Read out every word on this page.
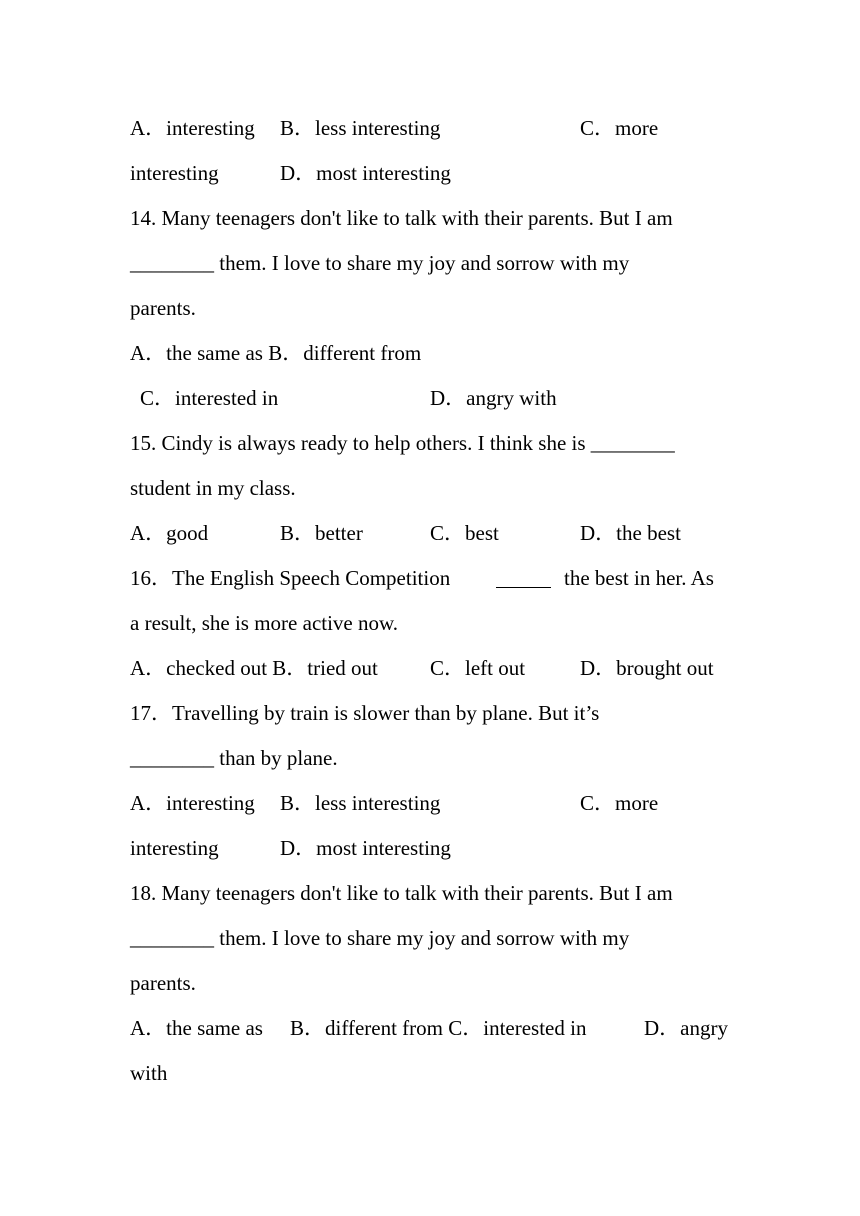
A．interesting B．less interesting	C．more
interesting	D．most interesting
14. Many teenagers don't like to talk with their parents. But I am
________ them. I love to share my joy and sorrow with my
parents.
A．the same as B．different from
C．interested in	D．angry with
15. Cindy is always ready to help others. I think she is ________
student in my class.
A．good	B．better	C．best	D．the best
16．The English Speech Competition	the best in her. As
a result, she is more active now.
A．checked out B．tried out C．left out	D．brought out
17．Travelling by train is slower than by plane. But it’s
________ than by plane.
A．interesting B．less interesting	C．more
interesting	D．most interesting
18. Many teenagers don't like to talk with their parents. But I am
________ them. I love to share my joy and sorrow with my
parents.
A．the same as B．different from C．interested in	D．angry
with
